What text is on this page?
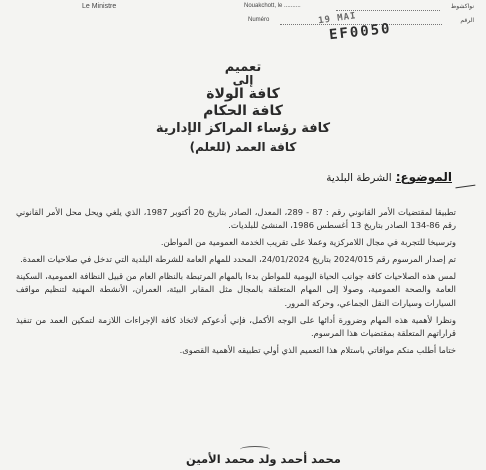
Le Ministre	Nouakchott, le ..........	نواكشوط
Numéro	الرقم
19 MAI
EF0050
تعميم
إلى
كافة الولاة
كافة الحكام
كافة رؤساء المراكز الإدارية
كافة العمد (للعلم)
الموضوع:الشرطة البلدية

تطبيقا لمقتضيات الأمر القانوني رقم : 87 - 289، المعدل، الصادر بتاريخ 20 أكتوبر 1987، الذي يلغي ويحل محل الأمر القانوني رقم 86-134 الصادر بتاريخ 13 أغسطس 1986، المنشئ للبلديات.

وترسيخا للتجربة في مجال اللامركزية وعملا على تقريب الخدمة العمومية من المواطن.

تم إصدار المرسوم رقم 2024/015 بتاريخ 24/01/2024، المحدد للمهام العامة للشرطة البلدية التي تدخل في صلاحيات العمدة.

لمس هذه الصلاحيات كافة جوانب الحياة اليومية للمواطن بدءا بالمهام المرتبطة بالنظام العام من قبيل النظافة العمومية، السكينة العامة والصحة العمومية، وصولا إلى المهام المتعلقة بالمجال مثل المقابر البيئة، العمران، الأنشطة المهنية لتنظيم مواقف السيارات وسيارات النقل الجماعي، وحركة المرور.

ونظرا لأهمية هذه المهام وضرورة أدائها على الوجه الأكمل، فإني أدعوكم لاتخاذ كافة الإجراءات اللازمة لتمكين العمد من تنفيذ قراراتهم المتعلقة بمقتضيات هذا المرسوم.

ختاما أطلب منكم موافاتي باستلام هذا التعميم الذي أولي تطبيقه الأهمية القصوى.

محمد أحمد ولد محمد الأمين
